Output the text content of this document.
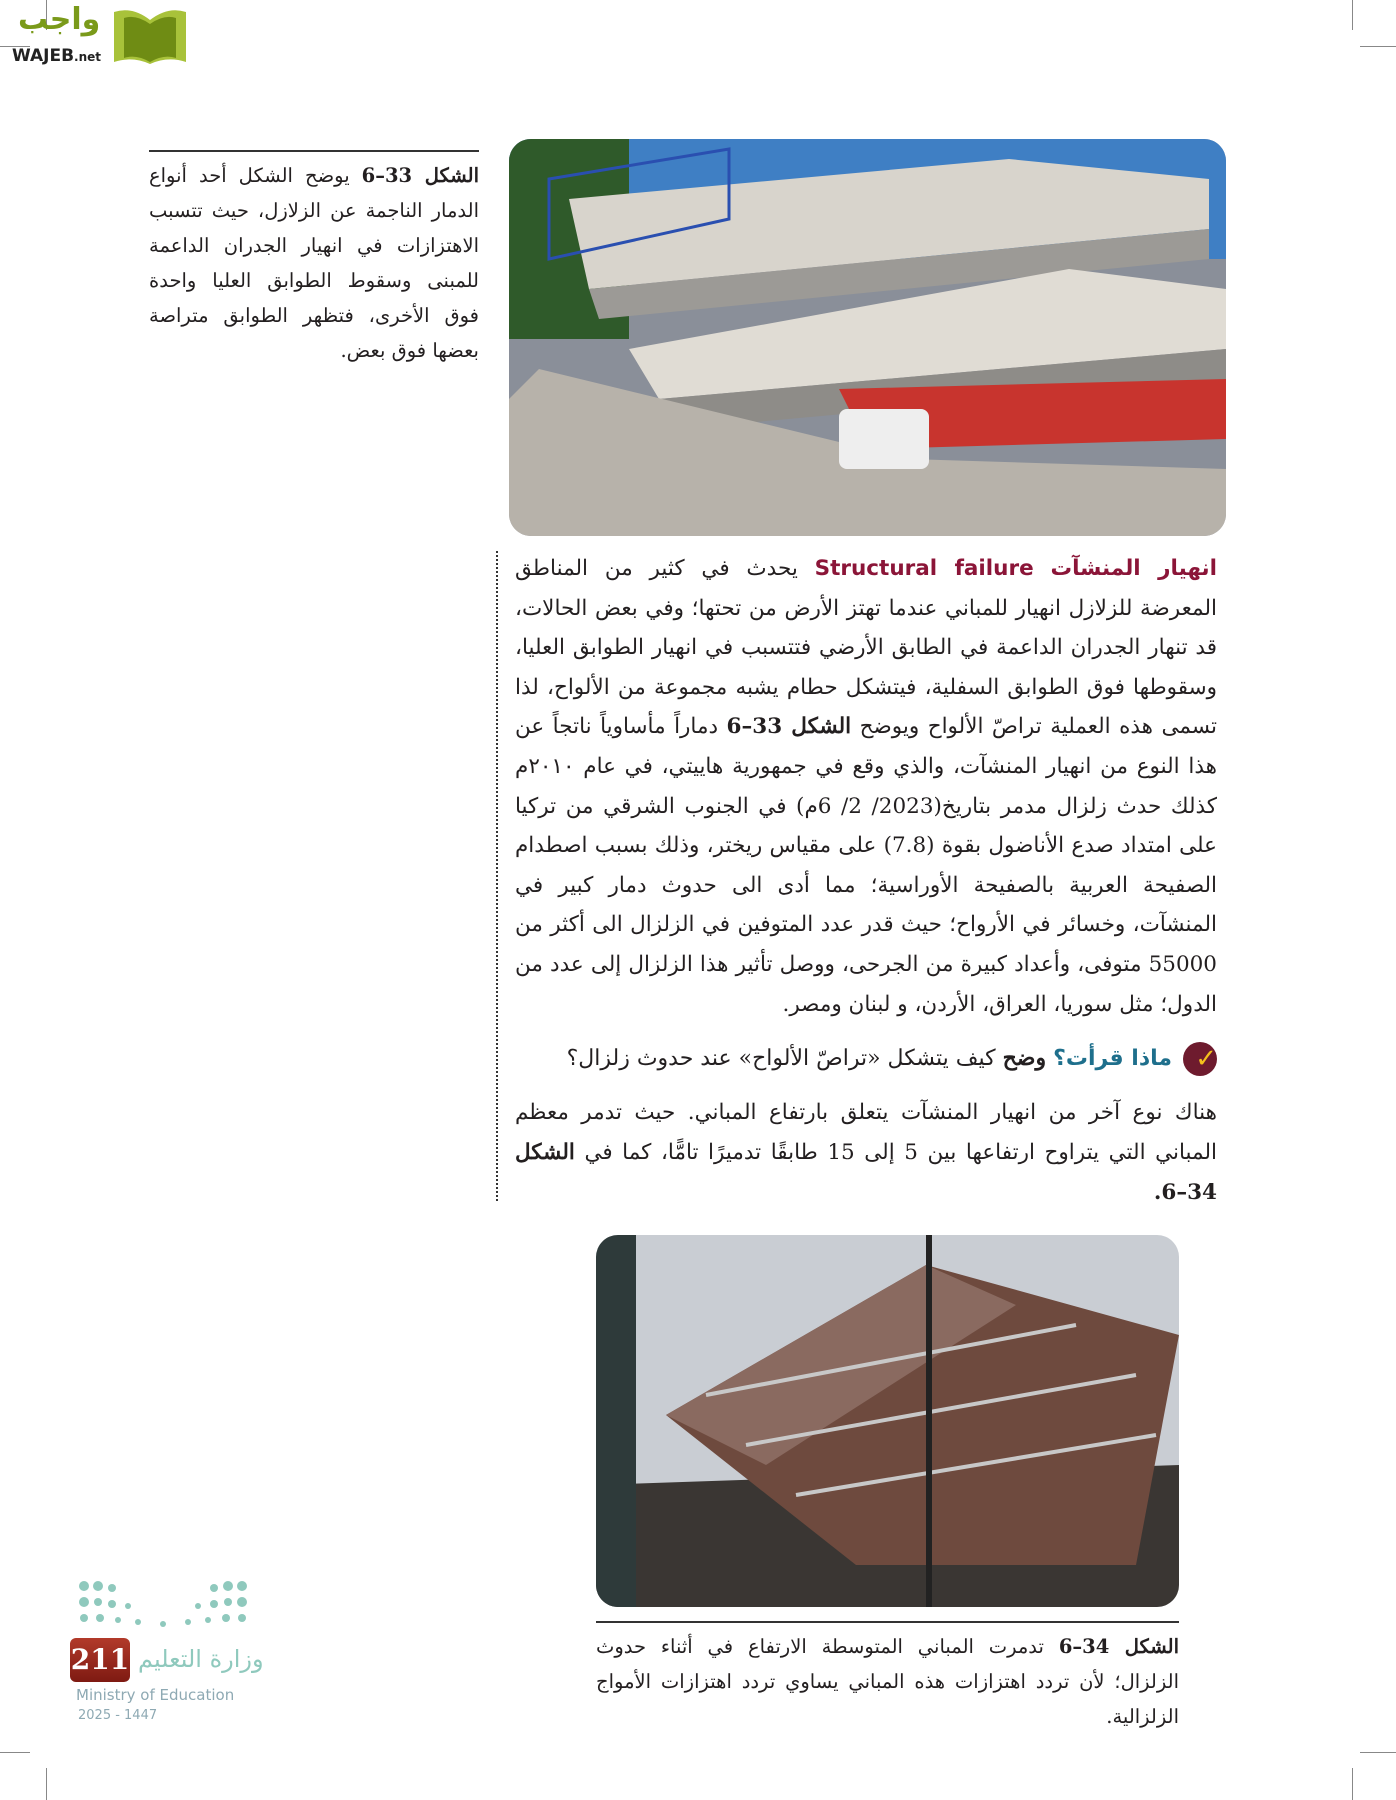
واجب
WAJEB.net
الشكل 33–6 يوضح الشكل أحد أنواع الدمار الناجمة عن الزلازل، حيث تتسبب الاهتزازات في انهيار الجدران الداعمة للمبنى وسقوط الطوابق العليا واحدة فوق الأخرى، فتظهر الطوابق متراصة بعضها فوق بعض.
انهيار المنشآت Structural failure يحدث في كثير من المناطق المعرضة للزلازل انهيار للمباني عندما تهتز الأرض من تحتها؛ وفي بعض الحالات، قد تنهار الجدران الداعمة في الطابق الأرضي فتتسبب في انهيار الطوابق العليا، وسقوطها فوق الطوابق السفلية، فيتشكل حطام يشبه مجموعة من الألواح، لذا تسمى هذه العملية تراصّ الألواح ويوضح الشكل 33–6 دماراً مأساوياً ناتجاً عن هذا النوع من انهيار المنشآت، والذي وقع في جمهورية هاييتي، في عام ٢٠١٠م كذلك حدث زلزال مدمر بتاريخ(2023/ 2/ 6م) في الجنوب الشرقي من تركيا على امتداد صدع الأناضول بقوة (7.8) على مقياس ريختر، وذلك بسبب اصطدام الصفيحة العربية بالصفيحة الأوراسية؛ مما أدى الى حدوث دمار كبير في المنشآت، وخسائر في الأرواح؛ حيث قدر عدد المتوفين في الزلزال الى أكثر من 55000 متوفى، وأعداد كبيرة من الجرحى، ووصل تأثير هذا الزلزال إلى عدد من الدول؛ مثل سوريا، العراق، الأردن، و لبنان ومصر.
✓ ماذا قرأت؟ وضح كيف يتشكل «تراصّ الألواح» عند حدوث زلزال؟
هناك نوع آخر من انهيار المنشآت يتعلق بارتفاع المباني. حيث تدمر معظم المباني التي يتراوح ارتفاعها بين 5 إلى 15 طابقًا تدميرًا تامًّا، كما في الشكل 34–6.
الشكل 34–6 تدمرت المباني المتوسطة الارتفاع في أثناء حدوث الزلزال؛ لأن تردد اهتزازات هذه المباني يساوي تردد اهتزازات الأمواج الزلزالية.
211 وزارة التعليم
Ministry of Education
2025 - 1447
